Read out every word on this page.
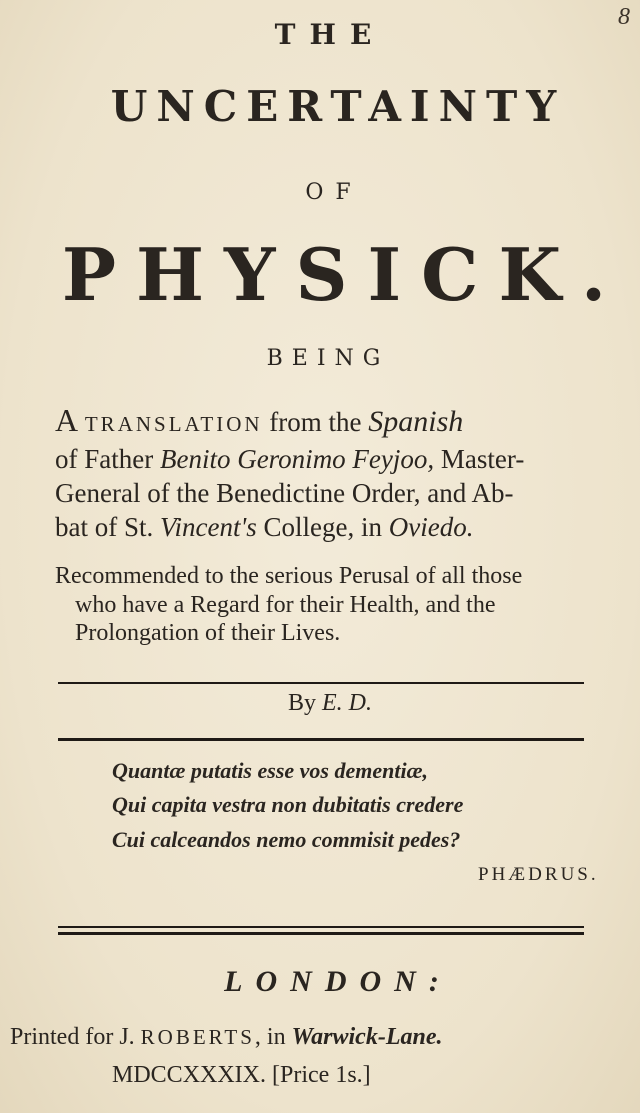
8
THE
UNCERTAINTY
OF
PHYSICK.
BEING
A TRANSLATION from the Spanish
of Father Benito Geronimo Feyjoo, Master-
General of the Benedictine Order, and Ab-
bat of St. Vincent's College, in Oviedo.
Recommended to the serious Perusal of all those
who have a Regard for their Health, and the
Prolongation of their Lives.
By E. D.
Quantæ putatis esse vos dementiæ,
Qui capita vestra non dubitatis credere
Cui calceandos nemo commisit pedes?
PHÆDRUS.
LONDON:
Printed for J. ROBERTS, in Warwick-Lane.
MDCCXXXIX. [Price 1s.]
